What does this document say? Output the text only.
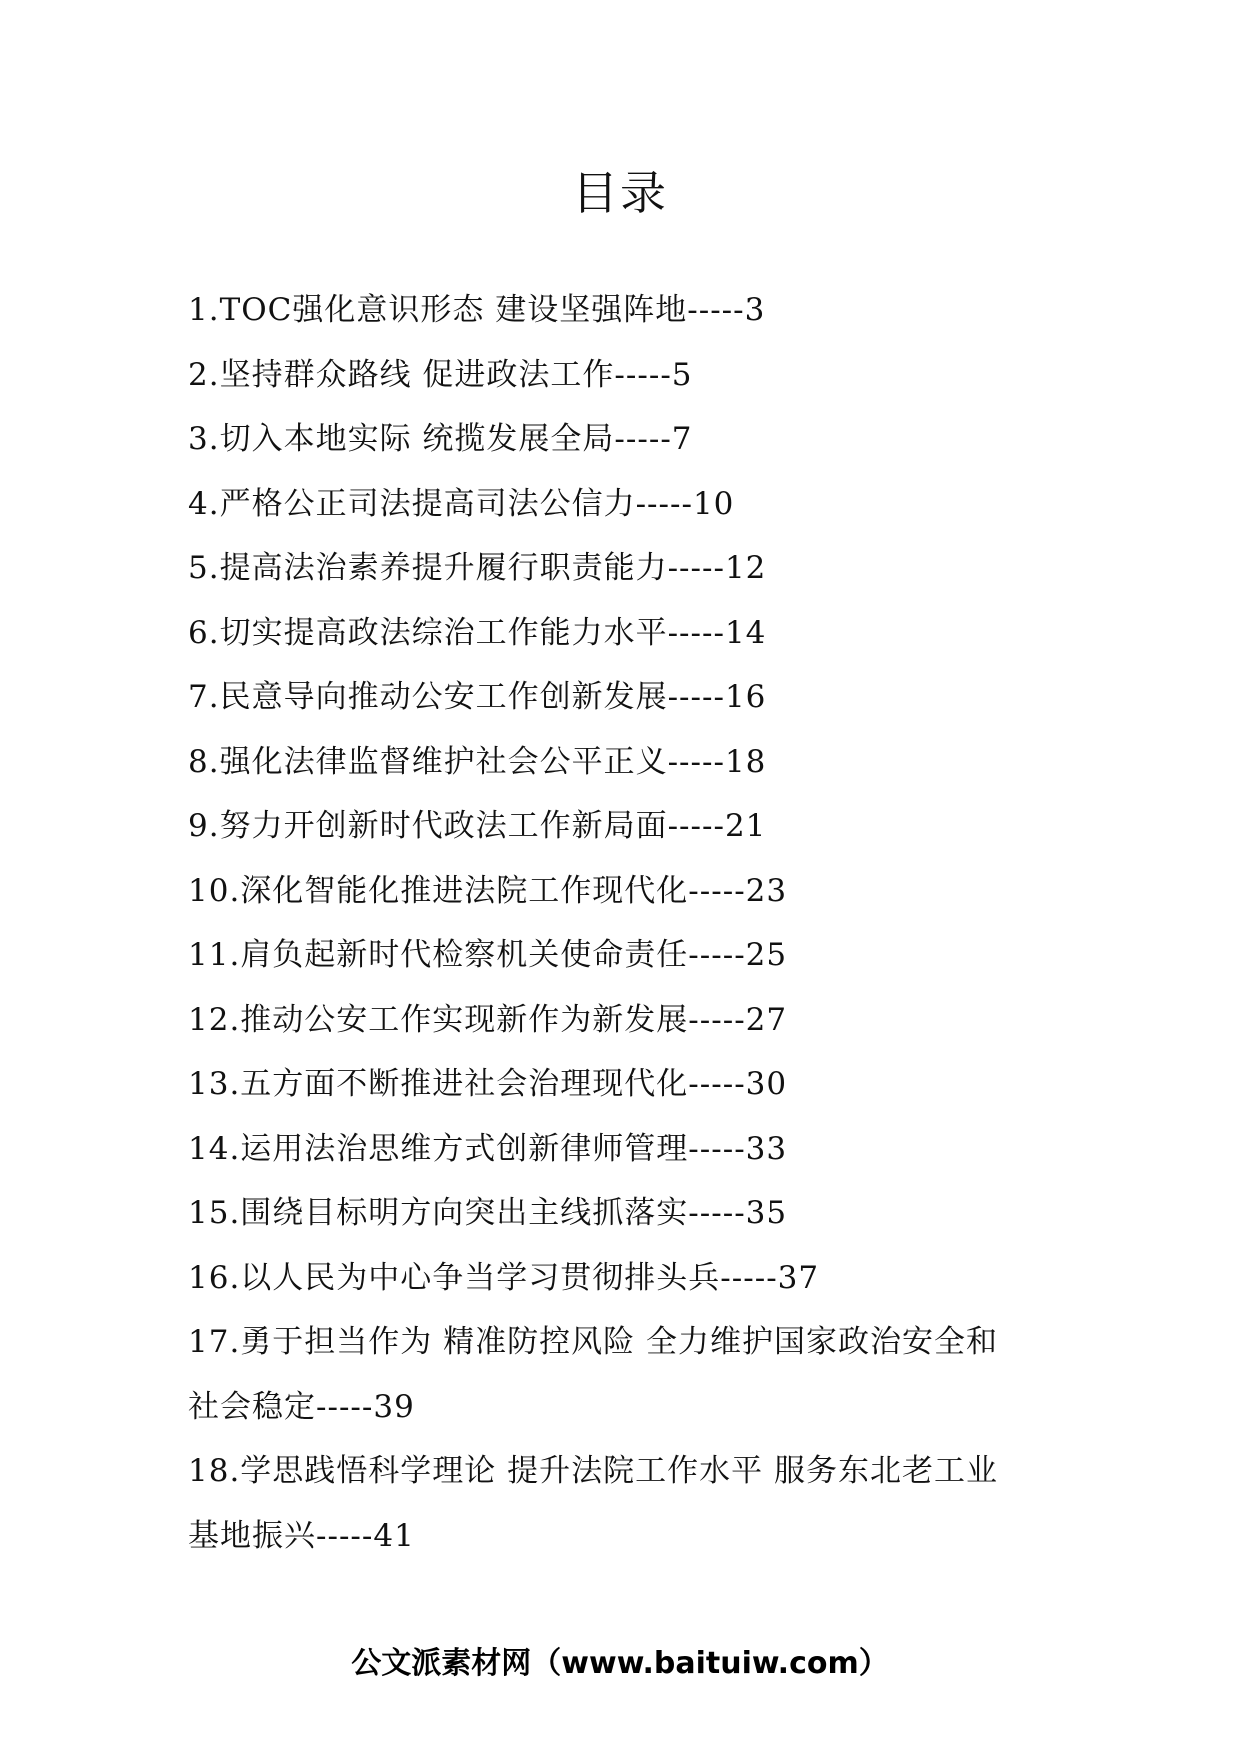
目录
1.TOC强化意识形态 建设坚强阵地-----3
2.坚持群众路线 促进政法工作-----5
3.切入本地实际 统揽发展全局-----7
4.严格公正司法提高司法公信力-----10
5.提高法治素养提升履行职责能力-----12
6.切实提高政法综治工作能力水平-----14
7.民意导向推动公安工作创新发展-----16
8.强化法律监督维护社会公平正义-----18
9.努力开创新时代政法工作新局面-----21
10.深化智能化推进法院工作现代化-----23
11.肩负起新时代检察机关使命责任-----25
12.推动公安工作实现新作为新发展-----27
13.五方面不断推进社会治理现代化-----30
14.运用法治思维方式创新律师管理-----33
15.围绕目标明方向突出主线抓落实-----35
16.以人民为中心争当学习贯彻排头兵-----37
17.勇于担当作为 精准防控风险 全力维护国家政治安全和
社会稳定-----39
18.学思践悟科学理论 提升法院工作水平 服务东北老工业
基地振兴-----41
公文派素材网（www.baituiw.com）
